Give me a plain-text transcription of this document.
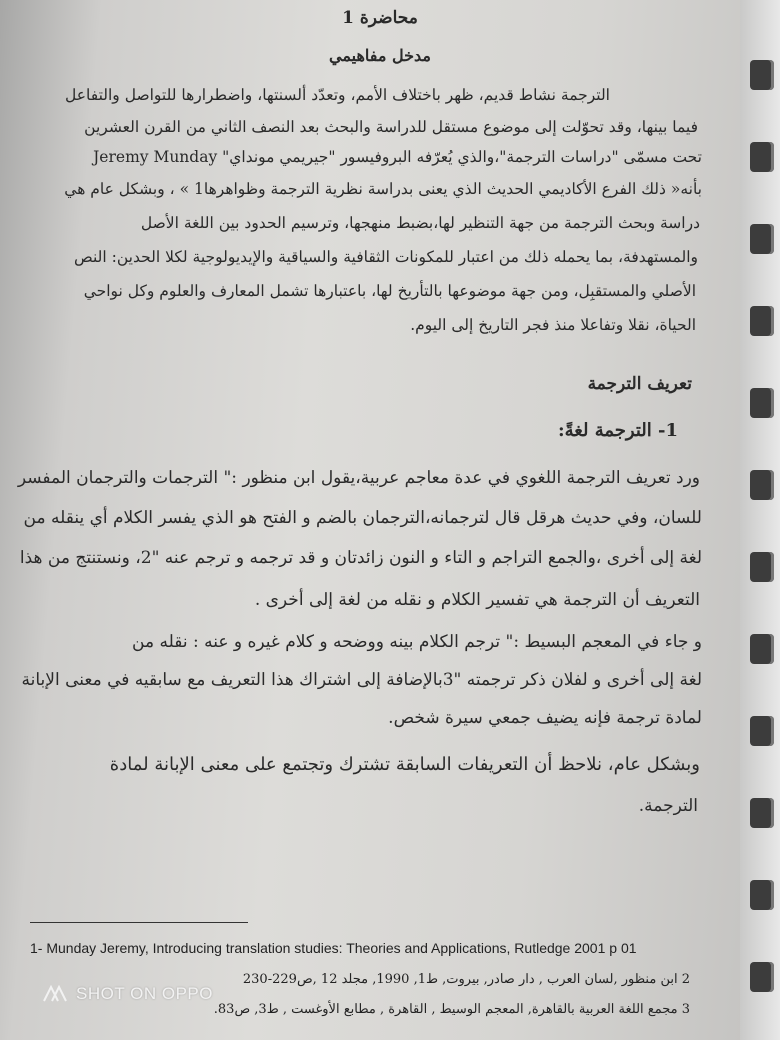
محاضرة 1
مدخل مفاهيمي
الترجمة نشاط قديم، ظهر باختلاف الأمم، وتعدّد ألسنتها، واضطرارها للتواصل والتفاعل
فيما بينها، وقد تحوّلت إلى موضوع مستقل للدراسة والبحث بعد النصف الثاني من القرن العشرين
تحت مسمّى "دراسات الترجمة"،والذي يُعرّفه البروفيسور "جيريمي مونداي" Jeremy Munday
بأنه« ذلك الفرع الأكاديمي الحديث الذي يعنى بدراسة نظرية الترجمة وظواهرها1 » ، وبشكل عام هي
دراسة وبحث الترجمة من جهة التنظير لها،بضبط منهجها، وترسيم الحدود بين اللغة الأصل
والمستهدفة، بما يحمله ذلك من اعتبار للمكونات الثقافية والسياقية والإيديولوجية لكلا الحدين: النص
الأصلي والمستقبِل، ومن جهة موضوعها بالتأريخ لها، باعتبارها تشمل المعارف والعلوم وكل نواحي
الحياة، نقلا وتفاعلا منذ فجر التاريخ إلى اليوم.
تعريف الترجمة
1- الترجمة لغةً:
ورد تعريف الترجمة اللغوي في عدة معاجم عربية،يقول ابن منظور :" الترجمات والترجمان المفسر
للسان، وفي حديث هرقل قال لترجمانه،الترجمان بالضم و الفتح هو الذي يفسر الكلام أي ينقله من
لغة إلى أخرى ،والجمع التراجم و التاء و النون زائدتان و قد ترجمه و ترجم عنه "2، ونستنتج من هذا
التعريف أن الترجمة هي تفسير الكلام و نقله من لغة إلى أخرى .
و جاء في المعجم البسيط :" ترجم الكلام بينه ووضحه و كلام غيره و عنه : نقله من
لغة إلى أخرى و لفلان ذكر ترجمته "3بالإضافة إلى اشتراك هذا التعريف مع سابقيه في معنى الإبانة
لمادة ترجمة فإنه يضيف جمعي سيرة شخص.
وبشكل عام، نلاحظ أن التعريفات السابقة تشترك وتجتمع على معنى الإبانة لمادة
الترجمة.
1- Munday Jeremy, Introducing translation studies: Theories and Applications, Rutledge 2001 p 01
2 ابن منظور ,لسان العرب , دار صادر, بيروت, ط1, 1990, مجلد 12 ,ص229-230
3 مجمع اللغة العربية بالقاهرة, المعجم الوسيط , القاهرة , مطابع الأوغست , ط3, ص83.
SHOT ON OPPO
